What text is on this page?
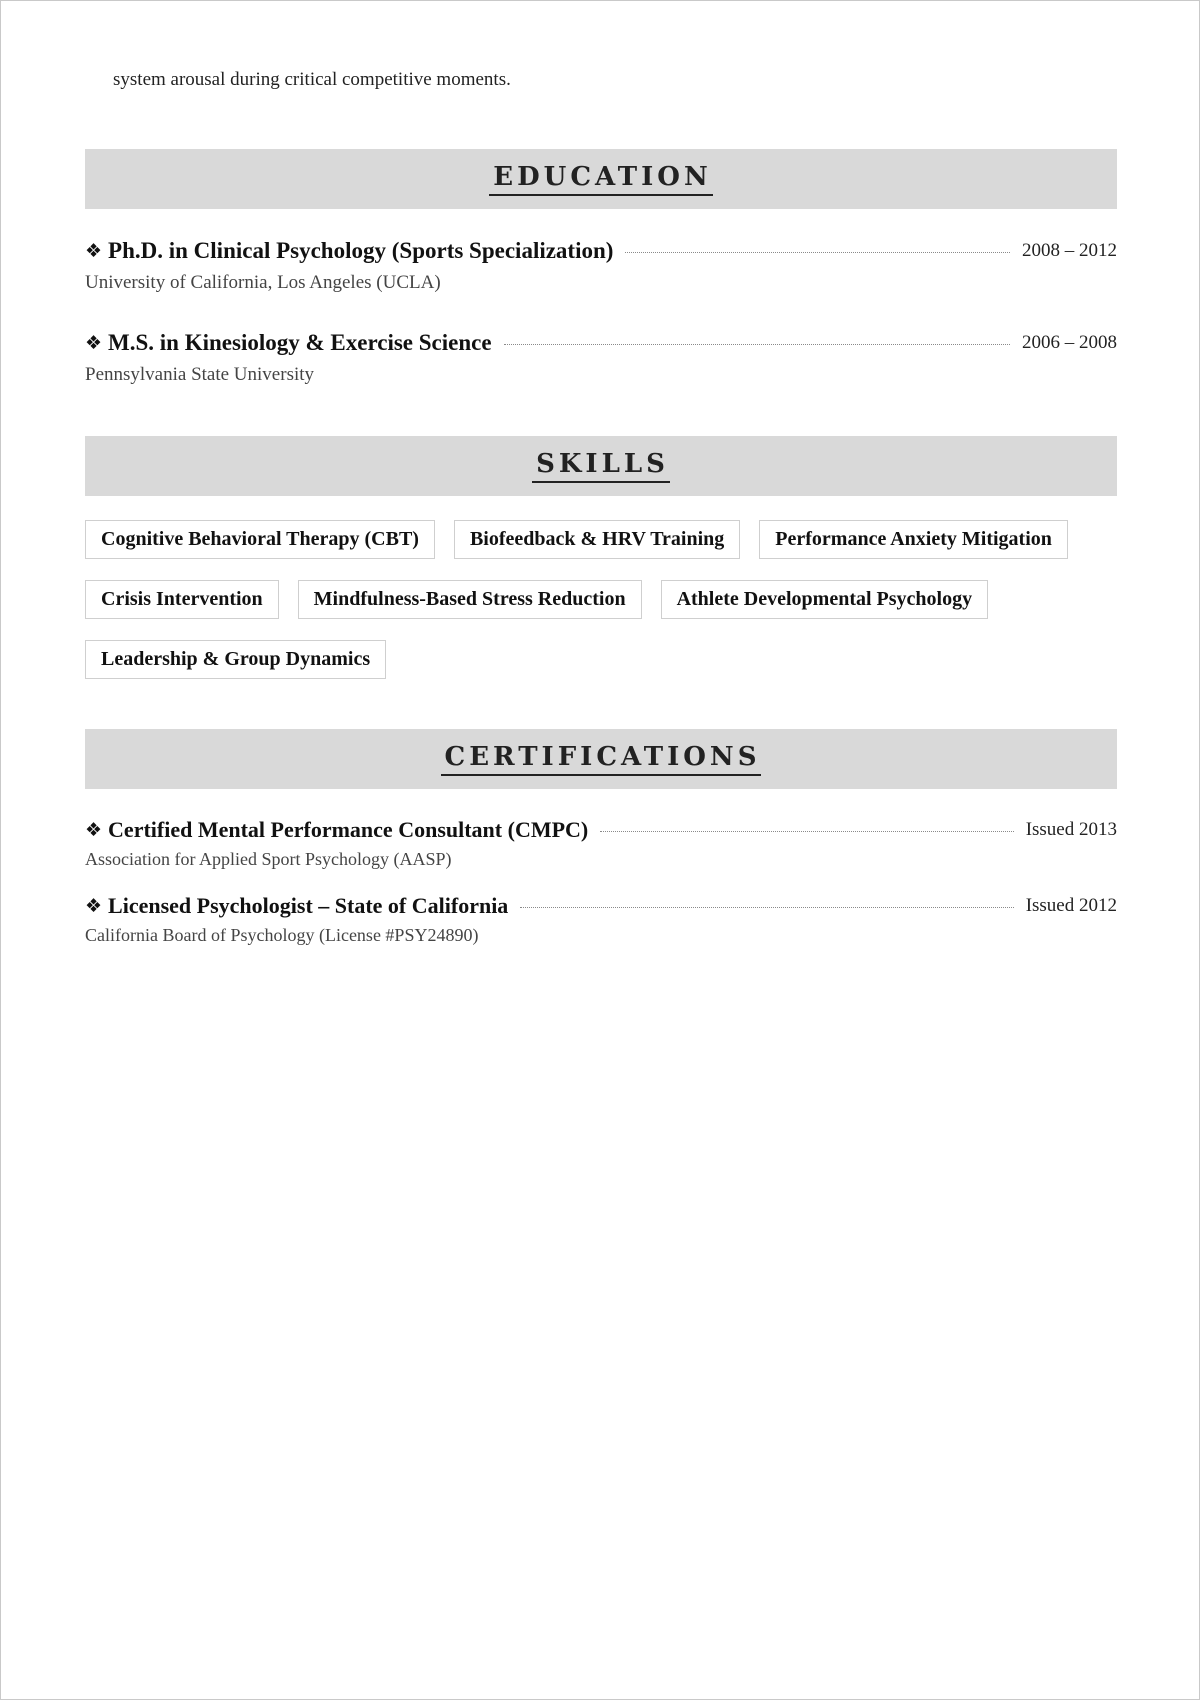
system arousal during critical competitive moments.
EDUCATION
❖ Ph.D. in Clinical Psychology (Sports Specialization)	2008 – 2012
University of California, Los Angeles (UCLA)
❖ M.S. in Kinesiology & Exercise Science	2006 – 2008
Pennsylvania State University
SKILLS
Cognitive Behavioral Therapy (CBT)	Biofeedback & HRV Training	Performance Anxiety Mitigation
Crisis Intervention	Mindfulness-Based Stress Reduction	Athlete Developmental Psychology
Leadership & Group Dynamics
CERTIFICATIONS
❖ Certified Mental Performance Consultant (CMPC)	Issued 2013
Association for Applied Sport Psychology (AASP)
❖ Licensed Psychologist – State of California	Issued 2012
California Board of Psychology (License #PSY24890)
